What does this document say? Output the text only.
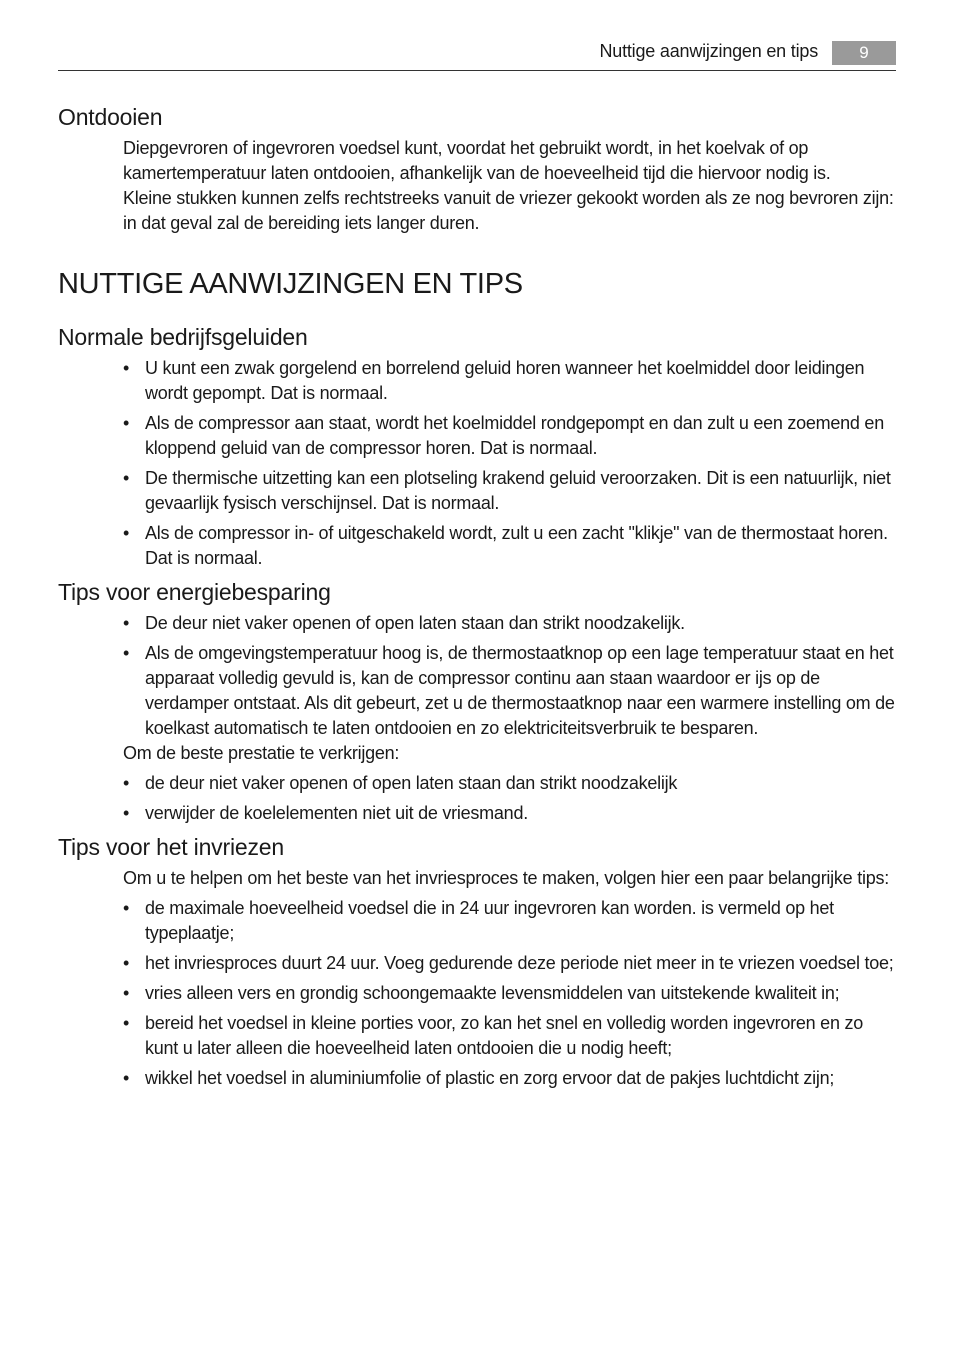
Nuttige aanwijzingen en tips	9
Ontdooien

Diepgevroren of ingevroren voedsel kunt, voordat het gebruikt wordt, in het koelvak of op kamertemperatuur laten ontdooien, afhankelijk van de hoeveelheid tijd die hiervoor nodig is.

Kleine stukken kunnen zelfs rechtstreeks vanuit de vriezer gekookt worden als ze nog bevroren zijn: in dat geval zal de bereiding iets langer duren.

NUTTIGE AANWIJZINGEN EN TIPS
Normale bedrijfsgeluiden
• U kunt een zwak gorgelend en borrelend geluid horen wanneer het koelmiddel door leidingen wordt gepompt. Dat is normaal.
• Als de compressor aan staat, wordt het koelmiddel rondgepompt en dan zult u een zoemend en kloppend geluid van de compressor horen. Dat is normaal.
• De thermische uitzetting kan een plotseling krakend geluid veroorzaken. Dit is een natuurlijk, niet gevaarlijk fysisch verschijnsel. Dat is normaal.
• Als de compressor in- of uitgeschakeld wordt, zult u een zacht "klikje" van de thermostaat horen. Dat is normaal.
Tips voor energiebesparing
• De deur niet vaker openen of open laten staan dan strikt noodzakelijk.
• Als de omgevingstemperatuur hoog is, de thermostaatknop op een lage temperatuur staat en het apparaat volledig gevuld is, kan de compressor continu aan staan waardoor er ijs op de verdamper ontstaat. Als dit gebeurt, zet u de thermostaatknop naar een warmere instelling om de koelkast automatisch te laten ontdooien en zo elektriciteitsverbruik te besparen.

Om de beste prestatie te verkrijgen:

• de deur niet vaker openen of open laten staan dan strikt noodzakelijk
• verwijder de koelelementen niet uit de vriesmand.
Tips voor het invriezen

Om u te helpen om het beste van het invriesproces te maken, volgen hier een paar belangrijke tips:

• de maximale hoeveelheid voedsel die in 24 uur ingevroren kan worden. is vermeld op het typeplaatje;
• het invriesproces duurt 24 uur. Voeg gedurende deze periode niet meer in te vriezen voedsel toe;
• vries alleen vers en grondig schoongemaakte levensmiddelen van uitstekende kwaliteit in;
• bereid het voedsel in kleine porties voor, zo kan het snel en volledig worden ingevroren en zo kunt u later alleen die hoeveelheid laten ontdooien die u nodig heeft;
• wikkel het voedsel in aluminiumfolie of plastic en zorg ervoor dat de pakjes luchtdicht zijn;
